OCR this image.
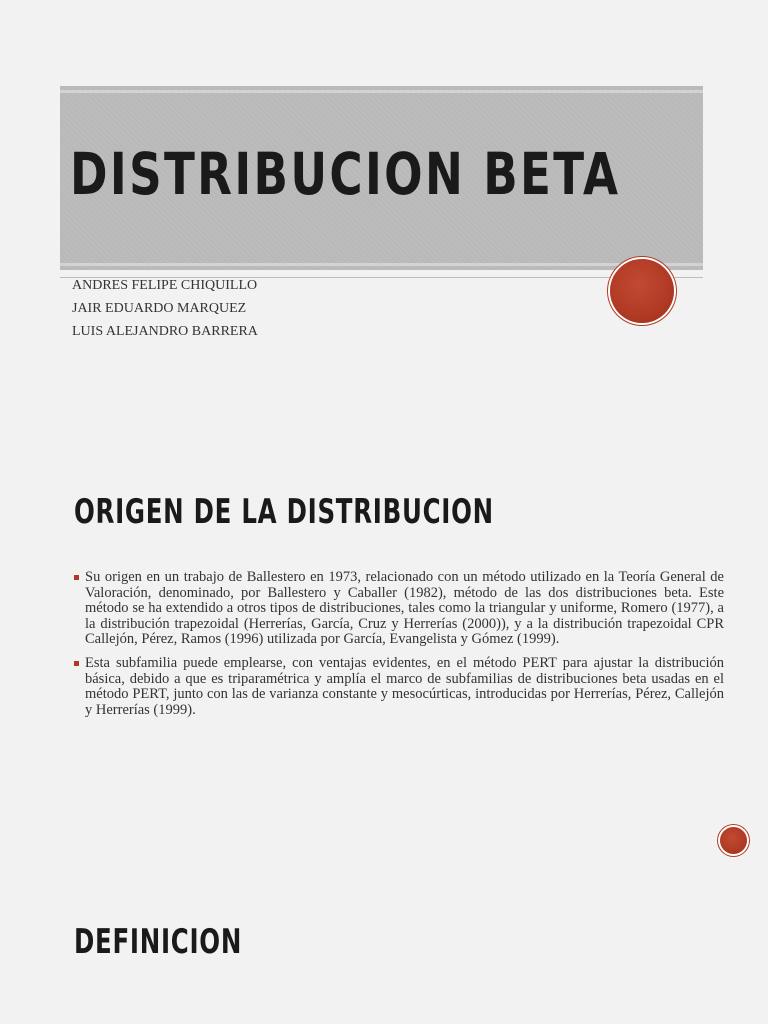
DISTRIBUCION BETA
ANDRES FELIPE CHIQUILLO
JAIR EDUARDO MARQUEZ
LUIS ALEJANDRO BARRERA
ORIGEN DE LA DISTRIBUCION
Su origen en un trabajo de Ballestero en 1973, relacionado con un método utilizado en la Teoría General de Valoración, denominado, por Ballestero y Caballer (1982), método de las dos distribuciones beta. Este método se ha extendido a otros tipos de distribuciones, tales como la triangular y uniforme, Romero (1977), a la distribución trapezoidal (Herrerías, García, Cruz y Herrerías (2000)), y a la distribución trapezoidal CPR Callejón, Pérez, Ramos (1996) utilizada por García, Evangelista y Gómez (1999).
Esta subfamilia puede emplearse, con ventajas evidentes, en el método PERT para ajustar la distribución básica, debido a que es triparamétrica y amplía el marco de subfamilias de distribuciones beta usadas en el método PERT, junto con las de varianza constante y mesocúrticas, introducidas por Herrerías, Pérez, Callejón y Herrerías (1999).
DEFINICION
